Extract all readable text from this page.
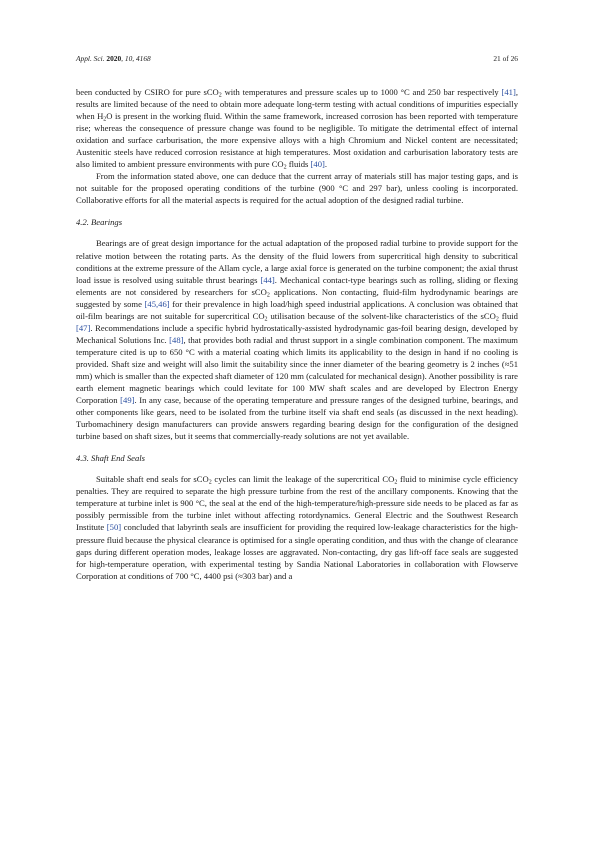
Appl. Sci. 2020, 10, 4168	21 of 26

been conducted by CSIRO for pure sCO$_2$ with temperatures and pressure scales up to 1000 °C and 250 bar respectively [41], results are limited because of the need to obtain more adequate long-term testing with actual conditions of impurities especially when $H_2O$ is present in the working fluid. Within the same framework, increased corrosion has been reported with temperature rise; whereas the consequence of pressure change was found to be negligible. To mitigate the detrimental effect of internal oxidation and surface carburisation, the more expensive alloys with a high Chromium and Nickel content are necessitated; Austenitic steels have reduced corrosion resistance at high temperatures. Most oxidation and carburisation laboratory tests are also limited to ambient pressure environments with pure $CO_2$ fluids [40].

From the information stated above, one can deduce that the current array of materials still has major testing gaps, and is not suitable for the proposed operating conditions of the turbine (900 °C and 297 bar), unless cooling is incorporated. Collaborative efforts for all the material aspects is required for the actual adoption of the designed radial turbine.

4.2. Bearings

Bearings are of great design importance for the actual adaptation of the proposed radial turbine to provide support for the relative motion between the rotating parts. As the density of the fluid lowers from supercritical high density to subcritical conditions at the extreme pressure of the Allam cycle, a large axial force is generated on the turbine component; the axial thrust load issue is resolved using suitable thrust bearings [44]. Mechanical contact-type bearings such as rolling, sliding or flexing elements are not considered by researchers for sCO$_2$ applications. Non contacting, fluid-film hydrodynamic bearings are suggested by some [45,46] for their prevalence in high load/high speed industrial applications. A conclusion was obtained that oil-film bearings are not suitable for supercritical $CO_2$ utilisation because of the solvent-like characteristics of the sCO$_2$ fluid [47]. Recommendations include a specific hybrid hydrostatically-assisted hydrodynamic gas-foil bearing design, developed by Mechanical Solutions Inc. [48], that provides both radial and thrust support in a single combination component. The maximum temperature cited is up to 650 °C with a material coating which limits its applicability to the design in hand if no cooling is provided. Shaft size and weight will also limit the suitability since the inner diameter of the bearing geometry is 2 inches (≈51 mm) which is smaller than the expected shaft diameter of 120 mm (calculated for mechanical design). Another possibility is rare earth element magnetic bearings which could levitate for 100 MW shaft scales and are developed by Electron Energy Corporation [49]. In any case, because of the operating temperature and pressure ranges of the designed turbine, bearings, and other components like gears, need to be isolated from the turbine itself via shaft end seals (as discussed in the next heading). Turbomachinery design manufacturers can provide answers regarding bearing design for the configuration of the designed turbine based on shaft sizes, but it seems that commercially-ready solutions are not yet available.

4.3. Shaft End Seals

Suitable shaft end seals for sCO$_2$ cycles can limit the leakage of the supercritical $CO_2$ fluid to minimise cycle efficiency penalties. They are required to separate the high pressure turbine from the rest of the ancillary components. Knowing that the temperature at turbine inlet is 900 °C, the seal at the end of the high-temperature/high-pressure side needs to be placed as far as possibly permissible from the turbine inlet without affecting rotordynamics. General Electric and the Southwest Research Institute [50] concluded that labyrinth seals are insufficient for providing the required low-leakage characteristics for the high-pressure fluid because the physical clearance is optimised for a single operating condition, and thus with the change of clearance gaps during different operation modes, leakage losses are aggravated. Non-contacting, dry gas lift-off face seals are suggested for high-temperature operation, with experimental testing by Sandia National Laboratories in collaboration with Flowserve Corporation at conditions of 700 °C, 4400 psi (≈303 bar) and a
